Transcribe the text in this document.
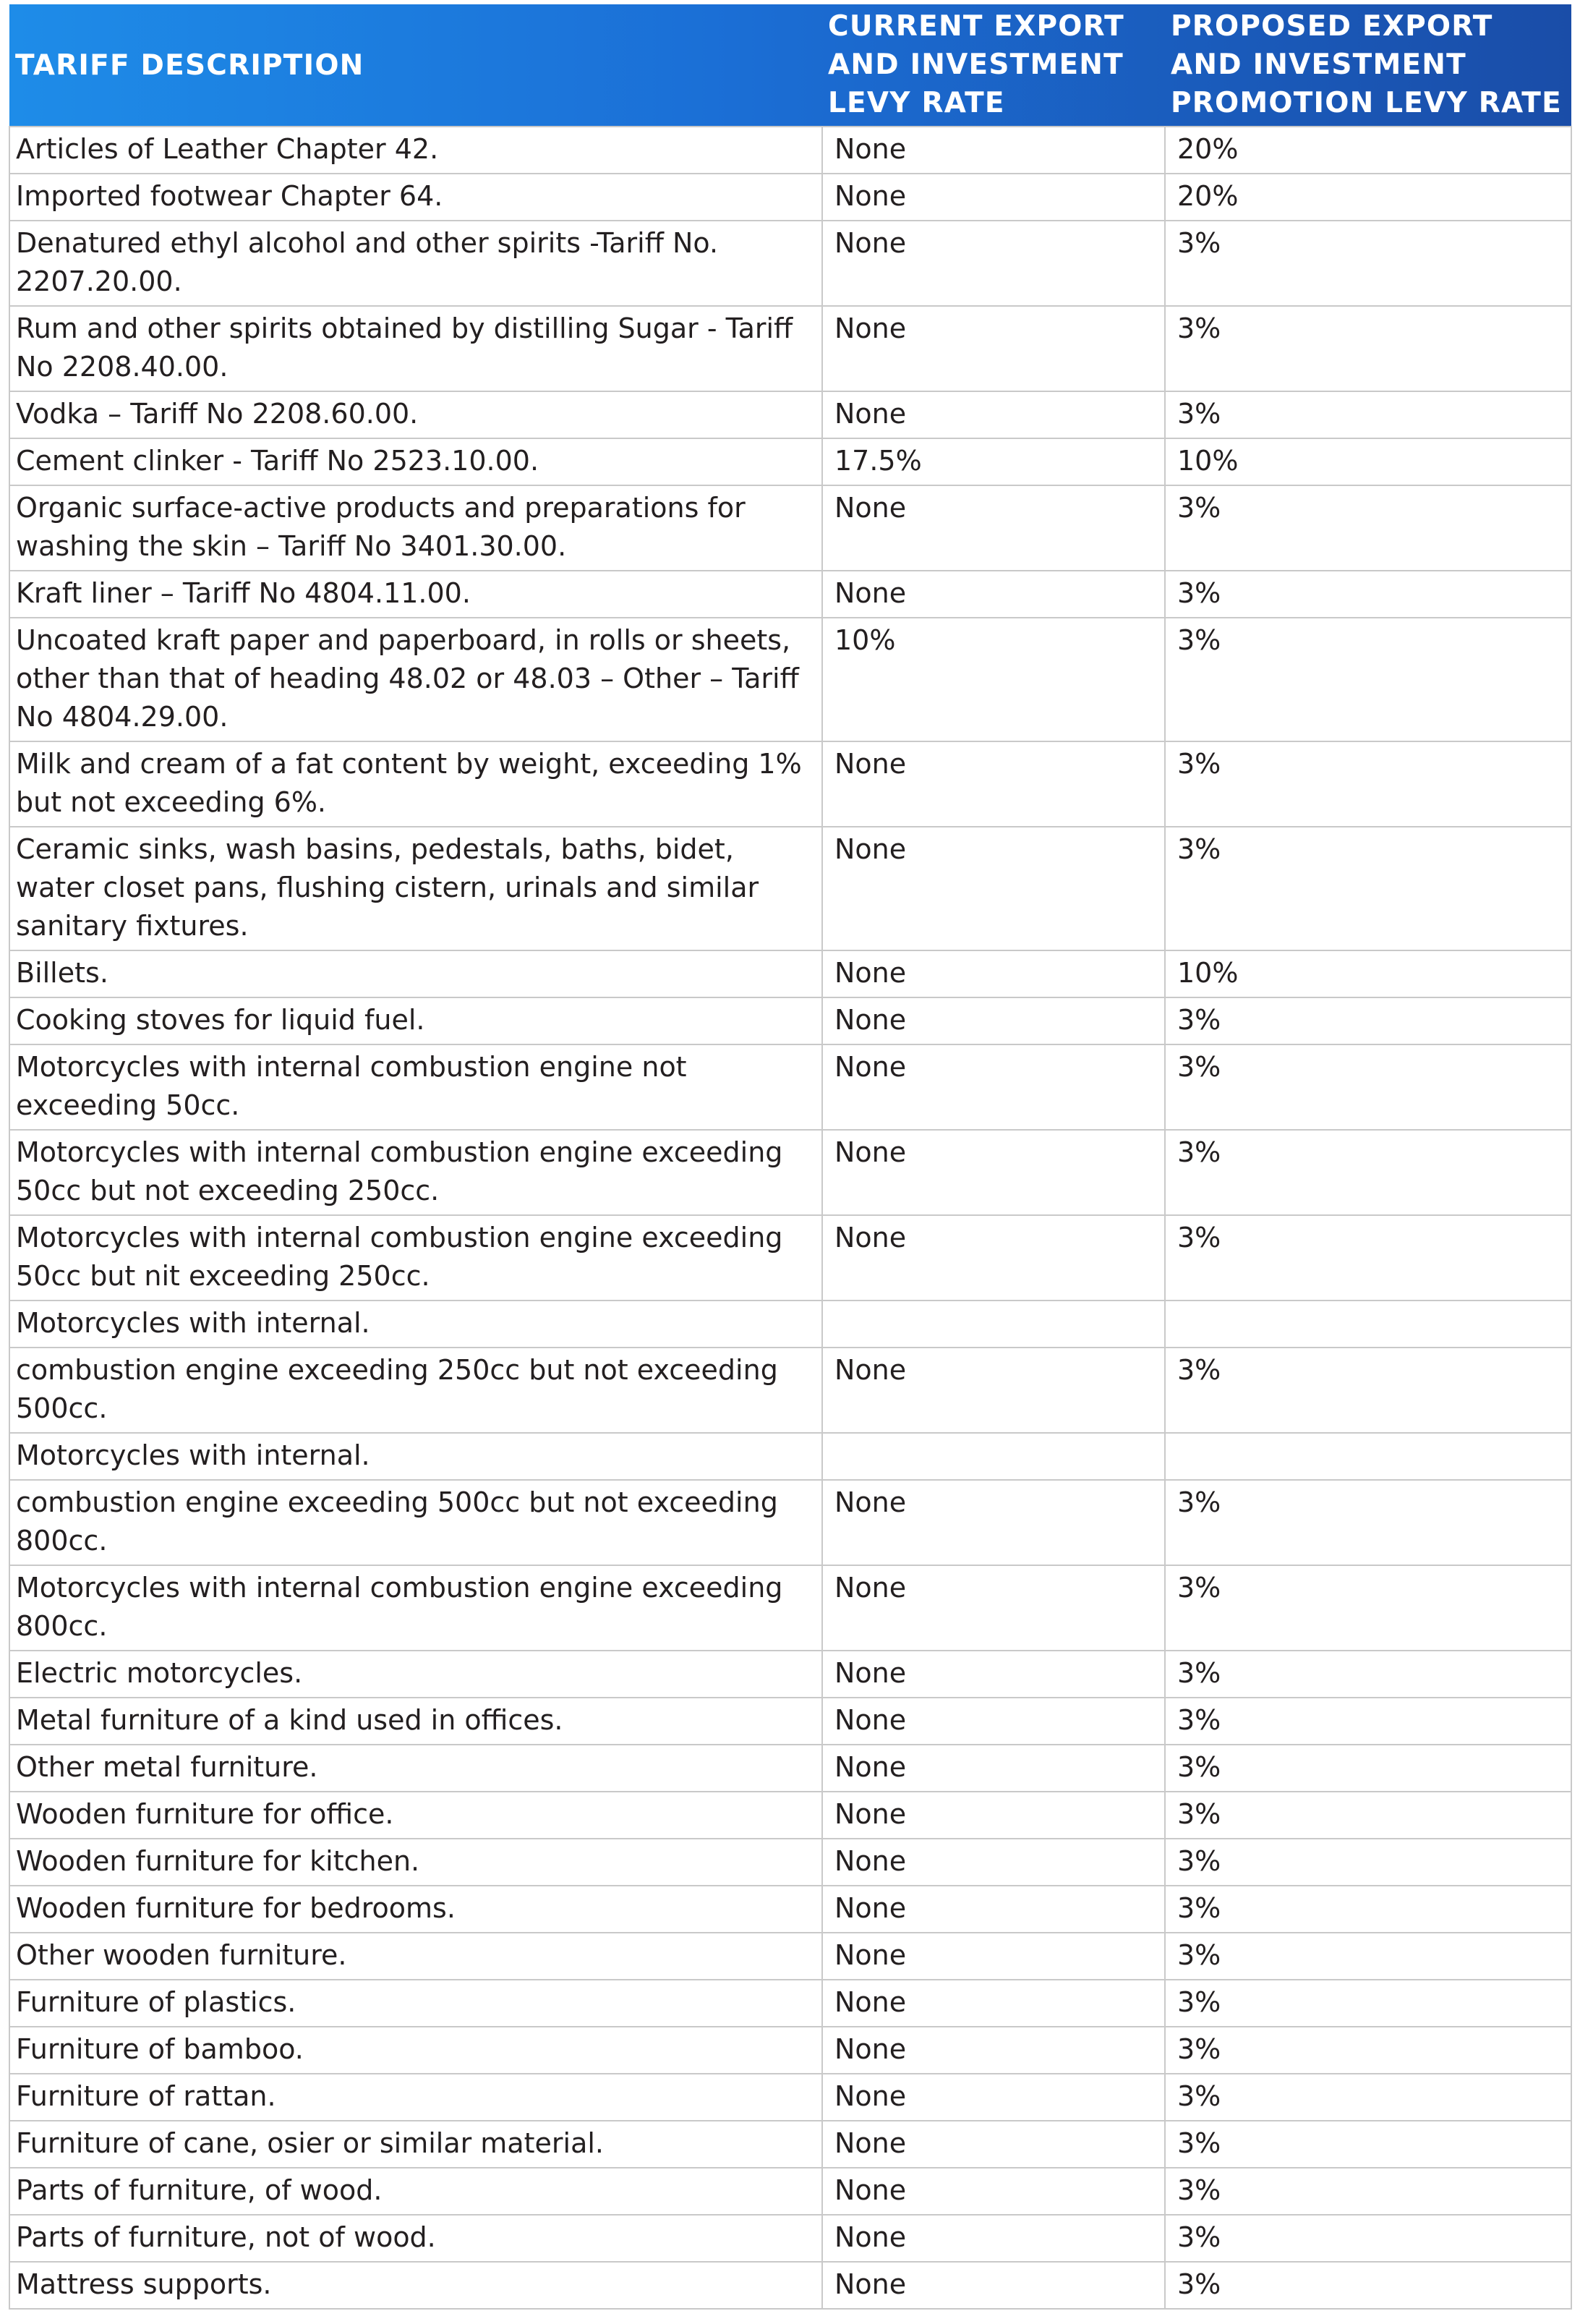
TARIFF DESCRIPTION	CURRENT EXPORT AND INVESTMENT LEVY RATE	PROPOSED EXPORT AND INVESTMENT PROMOTION LEVY RATE
Articles of Leather Chapter 42.	None	20%
Imported footwear Chapter 64.	None	20%
Denatured ethyl alcohol and other spirits -Tariff No. 2207.20.00.	None	3%
Rum and other spirits obtained by distilling Sugar - Tariff No 2208.40.00.	None	3%
Vodka – Tariff No 2208.60.00.	None	3%
Cement clinker - Tariff No 2523.10.00.	17.5%	10%
Organic surface-active products and preparations for washing the skin – Tariff No 3401.30.00.	None	3%
Kraft liner – Tariff No 4804.11.00.	None	3%
Uncoated kraft paper and paperboard, in rolls or sheets, other than that of heading 48.02 or 48.03 – Other – Tariff No 4804.29.00.	10%	3%
Milk and cream of a fat content by weight, exceeding 1% but not exceeding 6%.	None	3%
Ceramic sinks, wash basins, pedestals, baths, bidet, water closet pans, flushing cistern, urinals and similar sanitary fixtures.	None	3%
Billets.	None	10%
Cooking stoves for liquid fuel.	None	3%
Motorcycles with internal combustion engine not exceeding 50cc.	None	3%
Motorcycles with internal combustion engine exceeding 50cc but not exceeding 250cc.	None	3%
Motorcycles with internal combustion engine exceeding 50cc but nit exceeding 250cc.	None	3%
Motorcycles with internal.		
combustion engine exceeding 250cc but not exceeding 500cc.	None	3%
Motorcycles with internal.		
combustion engine exceeding 500cc but not exceeding 800cc.	None	3%
Motorcycles with internal combustion engine exceeding 800cc.	None	3%
Electric motorcycles.	None	3%
Metal furniture of a kind used in offices.	None	3%
Other metal furniture.	None	3%
Wooden furniture for office.	None	3%
Wooden furniture for kitchen.	None	3%
Wooden furniture for bedrooms.	None	3%
Other wooden furniture.	None	3%
Furniture of plastics.	None	3%
Furniture of bamboo.	None	3%
Furniture of rattan.	None	3%
Furniture of cane, osier or similar material.	None	3%
Parts of furniture, of wood.	None	3%
Parts of furniture, not of wood.	None	3%
Mattress supports.	None	3%
